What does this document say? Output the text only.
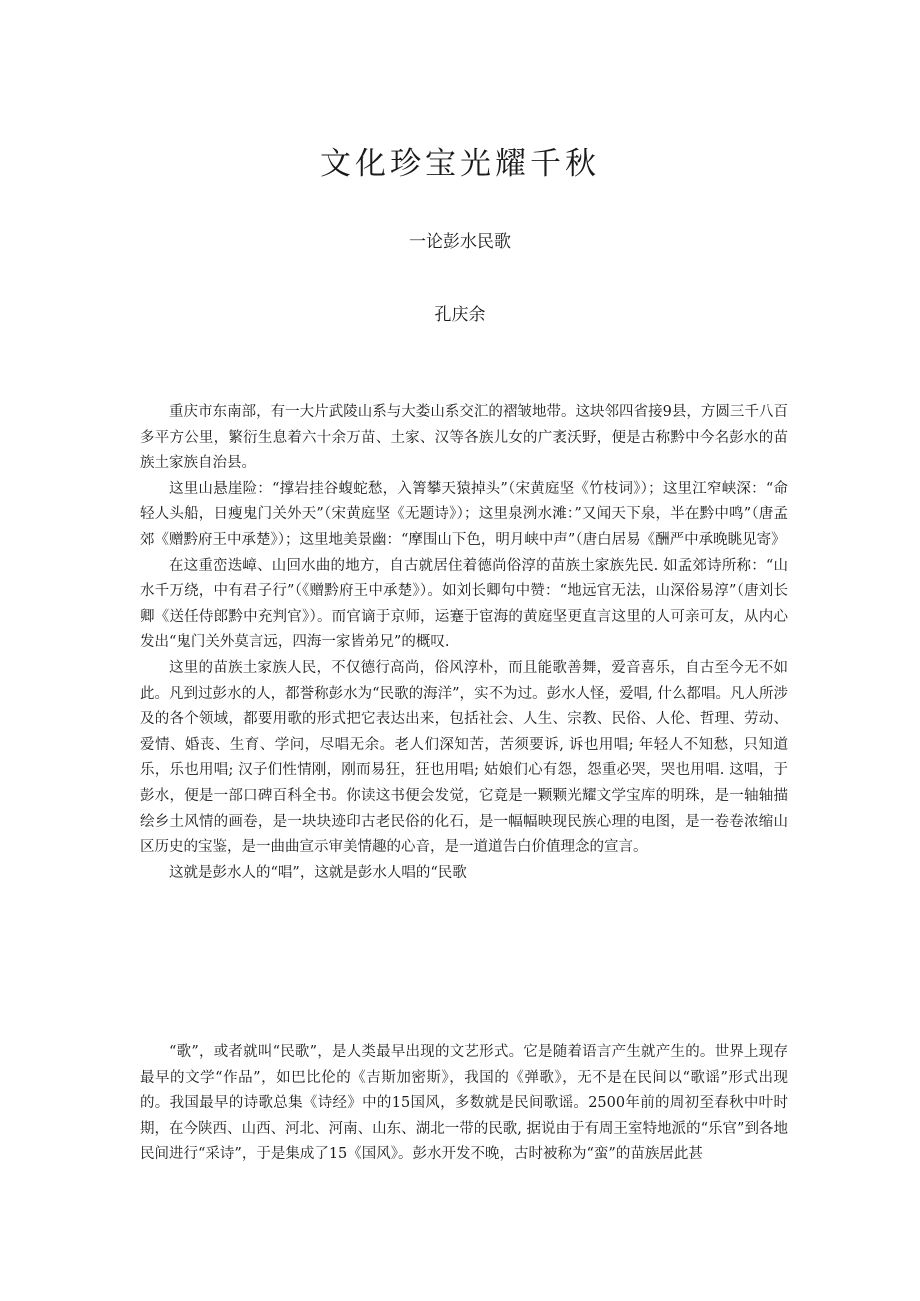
文化珍宝光耀千秋
一论彭水民歌
孔庆余

重庆市东南部，有一大片武陵山系与大娄山系交汇的褶皱地带。这块邻四省接9县，方圆三千八百多平方公里，繁衍生息着六十余万苗、土家、汉等各族儿女的广袤沃野，便是古称黔中今名彭水的苗族土家族自治县。

这里山悬崖险：“撑岩挂谷蝮蛇愁，入箐攀天猿掉头”（宋黄庭坚《竹枝词》）；这里江窄峡深：“命轻人头船，日瘦鬼门关外天”（宋黄庭坚《无题诗》）；这里泉洌水滩：”又闻天下泉，半在黔中鸣”（唐孟郊《赠黔府王中承楚》）；这里地美景幽：“摩围山下色，明月峡中声”（唐白居易《酬严中承晚眺见寄》

在这重峦迭嶂、山回水曲的地方，自古就居住着德尚俗淳的苗族土家族先民. 如孟郊诗所称：“山水千万绕，中有君子行”（《赠黔府王中承楚》）。如刘长卿句中赞：“地远官无法，山深俗易淳”（唐刘长卿《送任侍郎黔中充判官》）。而官谪于京师，运蹇于宦海的黄庭坚更直言这里的人可亲可友，从内心发出“鬼门关外莫言远，四海一家皆弟兄”的概叹.

这里的苗族土家族人民，不仅德行高尚，俗风淳朴，而且能歌善舞，爱音喜乐，自古至今无不如此。凡到过彭水的人，都誉称彭水为“民歌的海洋”，实不为过。彭水人怪，爱唱, 什么都唱。凡人所涉及的各个领域，都要用歌的形式把它表达出来，包括社会、人生、宗教、民俗、人伦、哲理、劳动、爱情、婚丧、生育、学问，尽唱无余。老人们深知苦，苦须要诉, 诉也用唱; 年轻人不知愁，只知道乐，乐也用唱; 汉子们性情刚，刚而易狂，狂也用唱; 姑娘们心有怨，怨重必哭，哭也用唱. 这唱，于彭水，便是一部口碑百科全书。你读这书便会发觉，它竟是一颗颗光耀文学宝库的明珠，是一轴轴描绘乡土风情的画卷，是一块块迹印古老民俗的化石，是一幅幅映现民族心理的电图，是一卷卷浓缩山区历史的宝鉴，是一曲曲宣示审美情趣的心音，是一道道告白价值理念的宣言。

这就是彭水人的“唱”，这就是彭水人唱的“民歌

“歌”，或者就叫“民歌”，是人类最早出现的文艺形式。它是随着语言产生就产生的。世界上现存最早的文学“作品”，如巴比伦的《吉斯加密斯》，我国的《弹歌》，无不是在民间以“歌谣”形式出现的。我国最早的诗歌总集《诗经》中的15国风，多数就是民间歌谣。2500年前的周初至春秋中叶时期，在今陕西、山西、河北、河南、山东、湖北一带的民歌, 据说由于有周王室特地派的“乐官”到各地民间进行“采诗”，于是集成了15《国风》。彭水开发不晚，古时被称为“蛮”的苗族居此甚
